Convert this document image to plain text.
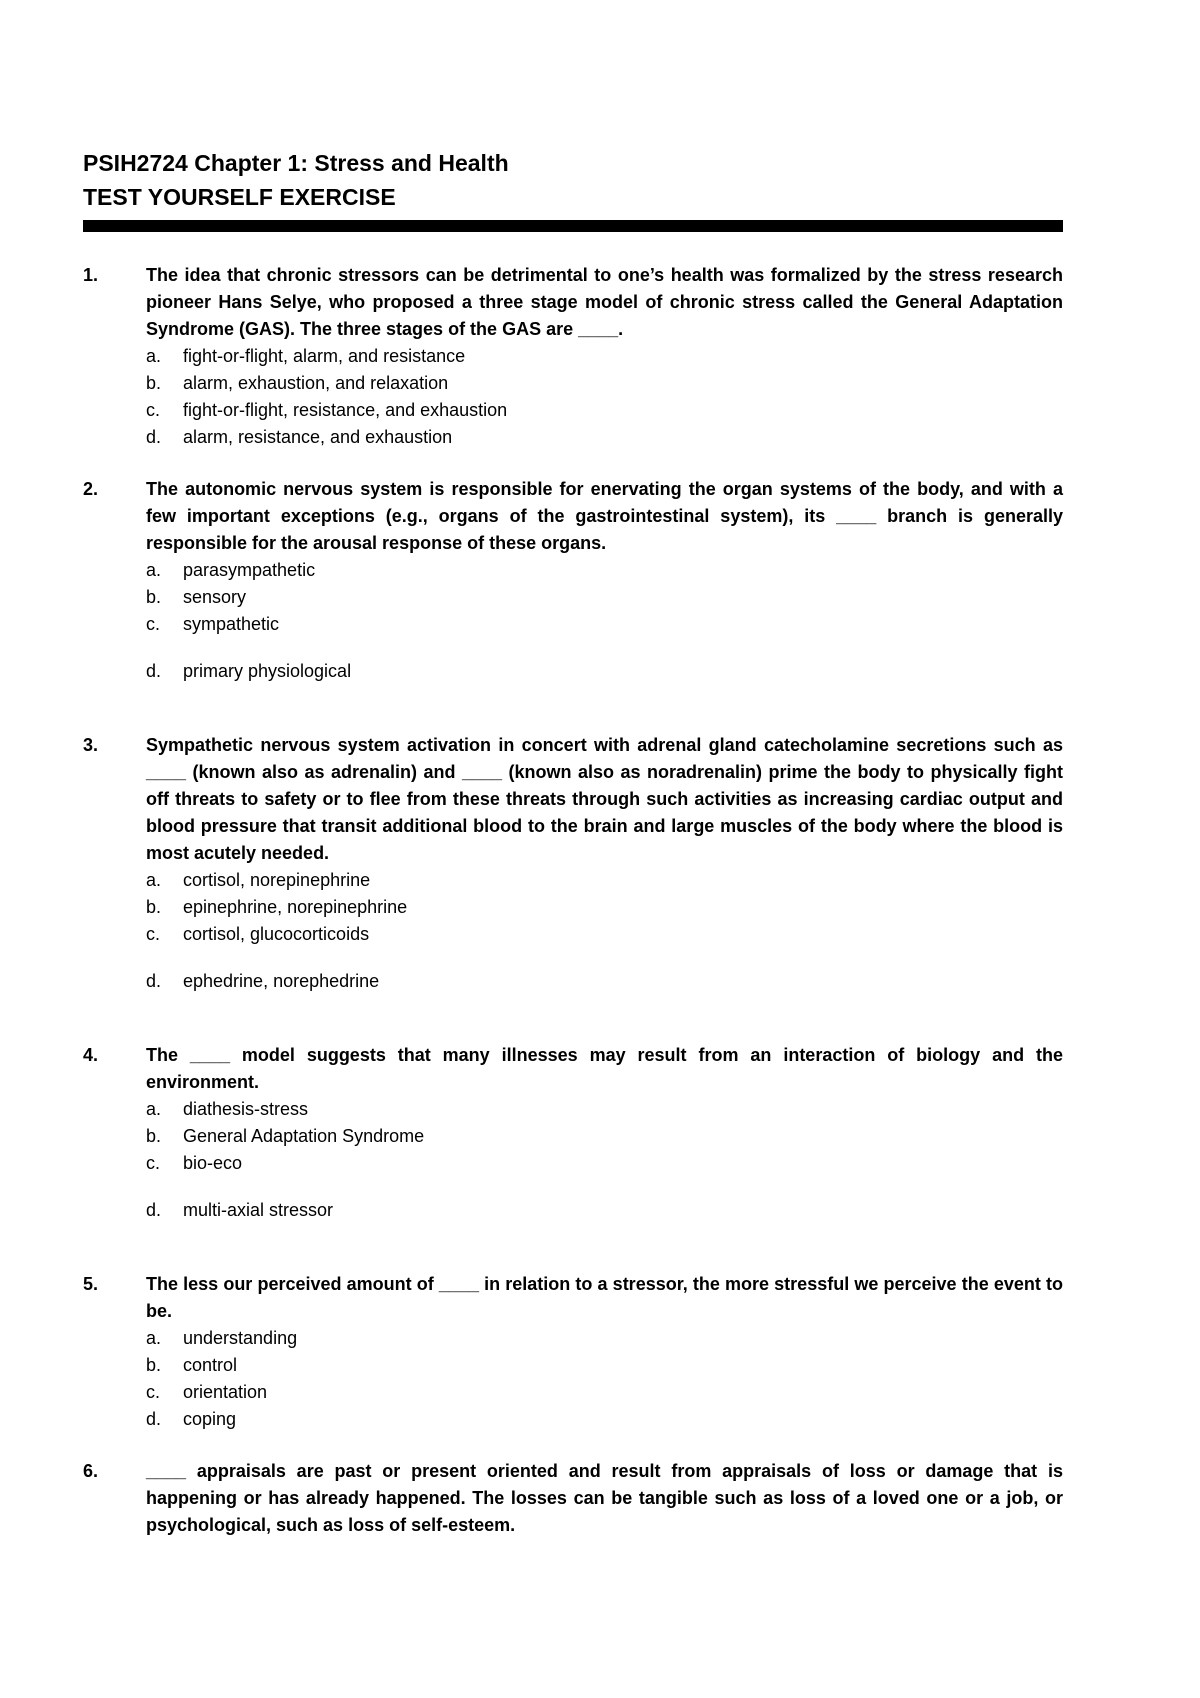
PSIH2724 Chapter 1: Stress and Health
TEST YOURSELF EXERCISE
1.	The idea that chronic stressors can be detrimental to one’s health was formalized by the stress research pioneer Hans Selye, who proposed a three stage model of chronic stress called the General Adaptation Syndrome (GAS). The three stages of the GAS are ____.
a.	fight-or-flight, alarm, and resistance
b.	alarm, exhaustion, and relaxation
c.	fight-or-flight, resistance, and exhaustion
d.	alarm, resistance, and exhaustion
2.	The autonomic nervous system is responsible for enervating the organ systems of the body, and with a few important exceptions (e.g., organs of the gastrointestinal system), its ____ branch is generally responsible for the arousal response of these organs.
a.	parasympathetic
b.	sensory
c.	sympathetic
d.	primary physiological
3.	Sympathetic nervous system activation in concert with adrenal gland catecholamine secretions such as ____ (known also as adrenalin) and ____ (known also as noradrenalin) prime the body to physically fight off threats to safety or to flee from these threats through such activities as increasing cardiac output and blood pressure that transit additional blood to the brain and large muscles of the body where the blood is most acutely needed.
a.	cortisol, norepinephrine
b.	epinephrine, norepinephrine
c.	cortisol, glucocorticoids
d.	ephedrine, norephedrine
4.	The ____ model suggests that many illnesses may result from an interaction of biology and the environment.
a.	diathesis-stress
b.	General Adaptation Syndrome
c.	bio-eco
d.	multi-axial stressor
5.	The less our perceived amount of ____ in relation to a stressor, the more stressful we perceive the event to be.
a.	understanding
b.	control
c.	orientation
d.	coping
6.	____ appraisals are past or present oriented and result from appraisals of loss or damage that is happening or has already happened. The losses can be tangible such as loss of a loved one or a job, or psychological, such as loss of self-esteem.
